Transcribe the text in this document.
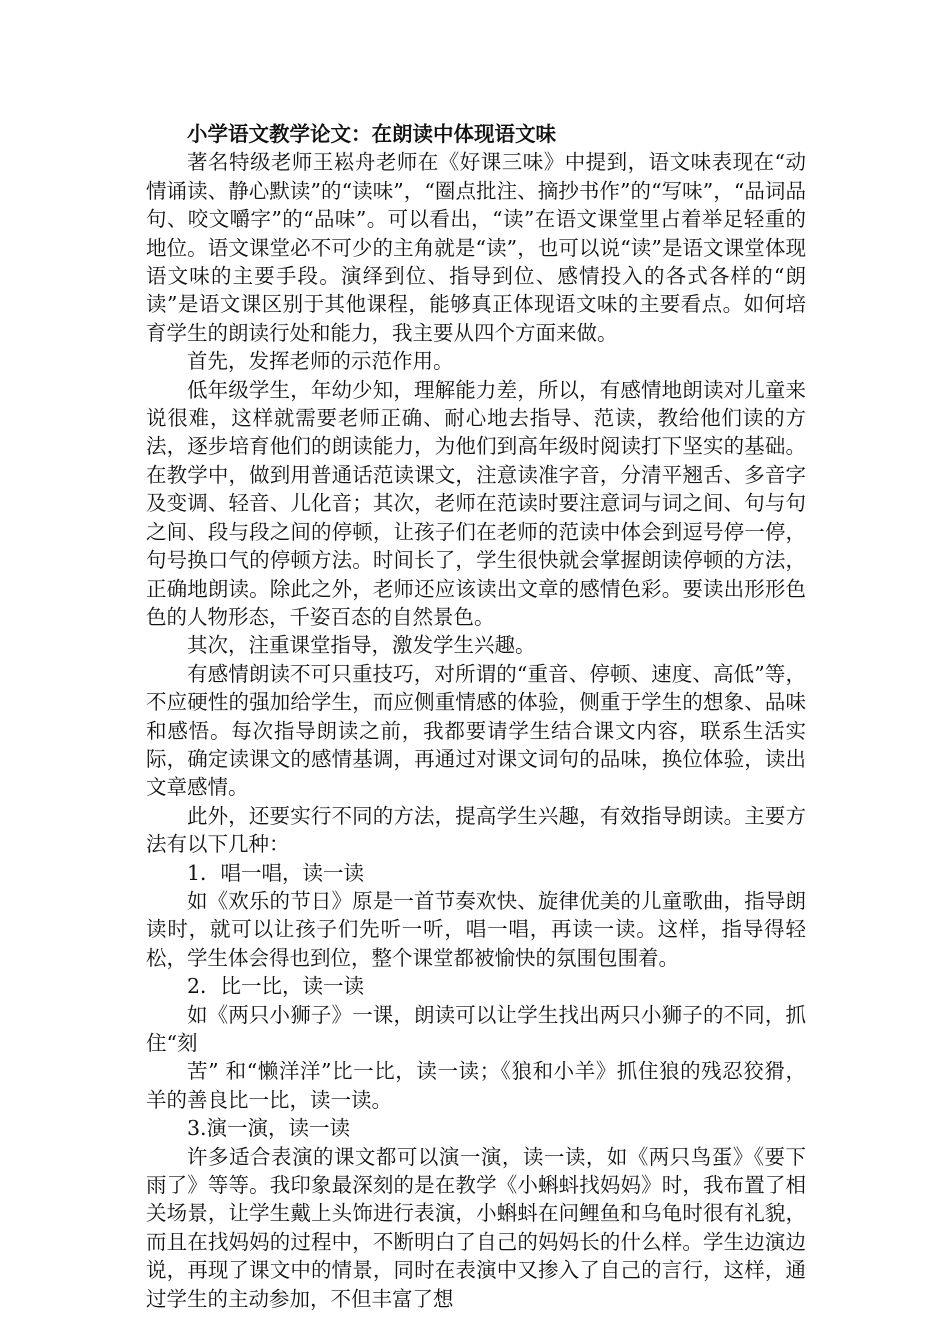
小学语文教学论文：在朗读中体现语文味

著名特级老师王崧舟老师在《好课三味》中提到，语文味表现在“动情诵读、静心默读”的“读味”，“圈点批注、摘抄书作”的“写味”，“品词品句、咬文嚼字”的“品味”。可以看出，“读”在语文课堂里占着举足轻重的地位。语文课堂必不可少的主角就是“读”，也可以说“读”是语文课堂体现语文味的主要手段。演绎到位、指导到位、感情投入的各式各样的“朗读”是语文课区别于其他课程，能够真正体现语文味的主要看点。如何培育学生的朗读行处和能力，我主要从四个方面来做。

首先，发挥老师的示范作用。

低年级学生，年幼少知，理解能力差，所以，有感情地朗读对儿童来说很难，这样就需要老师正确、耐心地去指导、范读，教给他们读的方法，逐步培育他们的朗读能力，为他们到高年级时阅读打下坚实的基础。在教学中，做到用普通话范读课文，注意读准字音，分清平翘舌、多音字及变调、轻音、儿化音；其次，老师在范读时要注意词与词之间、句与句之间、段与段之间的停顿，让孩子们在老师的范读中体会到逗号停一停，句号换口气的停顿方法。时间长了，学生很快就会掌握朗读停顿的方法，正确地朗读。除此之外，老师还应该读出文章的感情色彩。要读出形形色色的人物形态，千姿百态的自然景色。

其次，注重课堂指导，激发学生兴趣。

有感情朗读不可只重技巧，对所谓的“重音、停顿、速度、高低”等，不应硬性的强加给学生，而应侧重情感的体验，侧重于学生的想象、品味和感悟。每次指导朗读之前，我都要请学生结合课文内容，联系生活实际，确定读课文的感情基调，再通过对课文词句的品味，换位体验，读出文章感情。

此外，还要实行不同的方法，提高学生兴趣，有效指导朗读。主要方法有以下几种：

1．唱一唱，读一读

如《欢乐的节日》原是一首节奏欢快、旋律优美的儿童歌曲，指导朗读时，就可以让孩子们先听一听，唱一唱，再读一读。这样，指导得轻松，学生体会得也到位，整个课堂都被愉快的氛围包围着。

2．比一比，读一读

如《两只小狮子》一课，朗读可以让学生找出两只小狮子的不同，抓住“刻

苦” 和“懒洋洋”比一比，读一读；《狼和小羊》抓住狼的残忍狡猾，羊的善良比一比，读一读。

3.演一演，读一读

许多适合表演的课文都可以演一演，读一读，如《两只鸟蛋》《要下雨了》等等。我印象最深刻的是在教学《小蝌蚪找妈妈》时，我布置了相关场景，让学生戴上头饰进行表演，小蝌蚪在问鲤鱼和乌龟时很有礼貌，而且在找妈妈的过程中，不断明白了自己的妈妈长的什么样。学生边演边说，再现了课文中的情景，同时在表演中又掺入了自己的言行，这样，通过学生的主动参加，不但丰富了想
